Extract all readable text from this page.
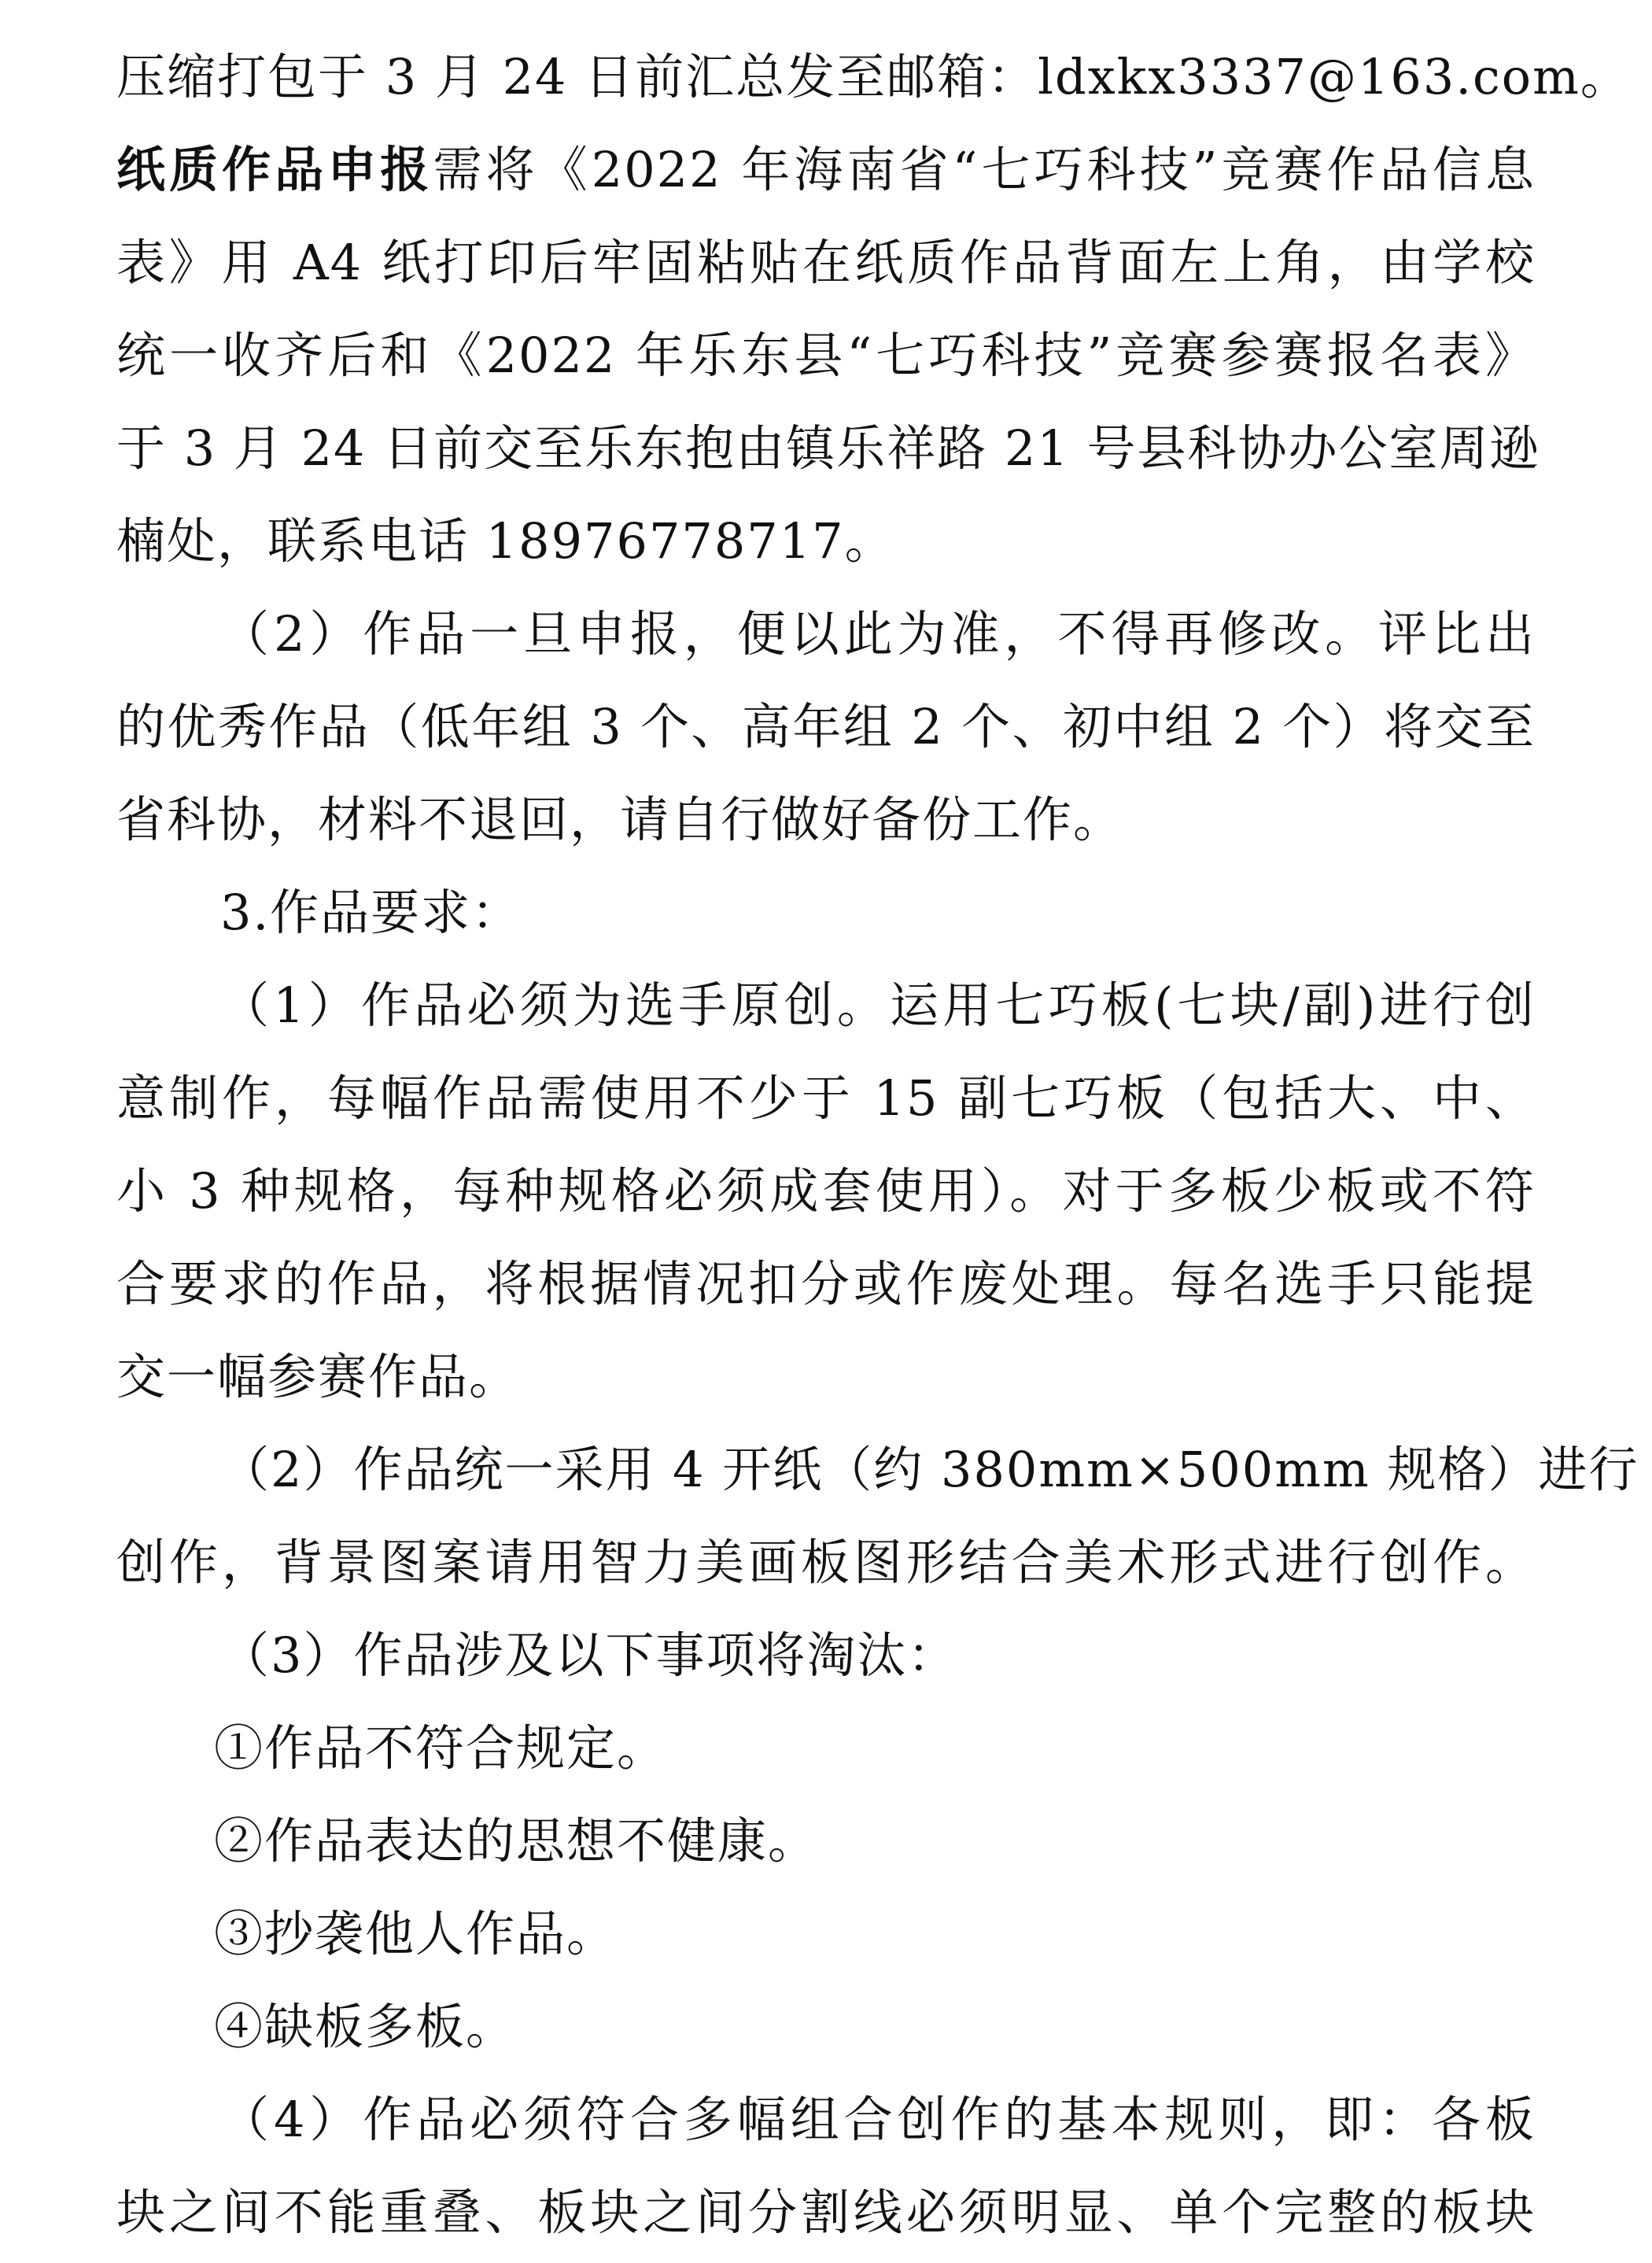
压缩打包于 3 月 24 日前汇总发至邮箱：ldxkx3337@163.com。
纸质作品申报需将《2022 年海南省“七巧科技”竞赛作品信息
表》用 A4 纸打印后牢固粘贴在纸质作品背面左上角，由学校
统一收齐后和《2022 年乐东县“七巧科技”竞赛参赛报名表》
于 3 月 24 日前交至乐东抱由镇乐祥路 21 号县科协办公室周逊
楠处，联系电话 18976778717。
（2）作品一旦申报，便以此为准，不得再修改。评比出
的优秀作品（低年组 3 个、高年组 2 个、初中组 2 个）将交至
省科协，材料不退回，请自行做好备份工作。
3.作品要求：
（1）作品必须为选手原创。运用七巧板(七块/副)进行创
意制作，每幅作品需使用不少于 15 副七巧板（包括大、中、
小 3 种规格，每种规格必须成套使用）。对于多板少板或不符
合要求的作品，将根据情况扣分或作废处理。每名选手只能提
交一幅参赛作品。
（2）作品统一采用 4 开纸（约 380mm×500mm 规格）进行
创作，背景图案请用智力美画板图形结合美术形式进行创作。
（3）作品涉及以下事项将淘汰：
①作品不符合规定。
②作品表达的思想不健康。
③抄袭他人作品。
④缺板多板。
（4）作品必须符合多幅组合创作的基本规则，即：各板
块之间不能重叠、板块之间分割线必须明显、单个完整的板块
